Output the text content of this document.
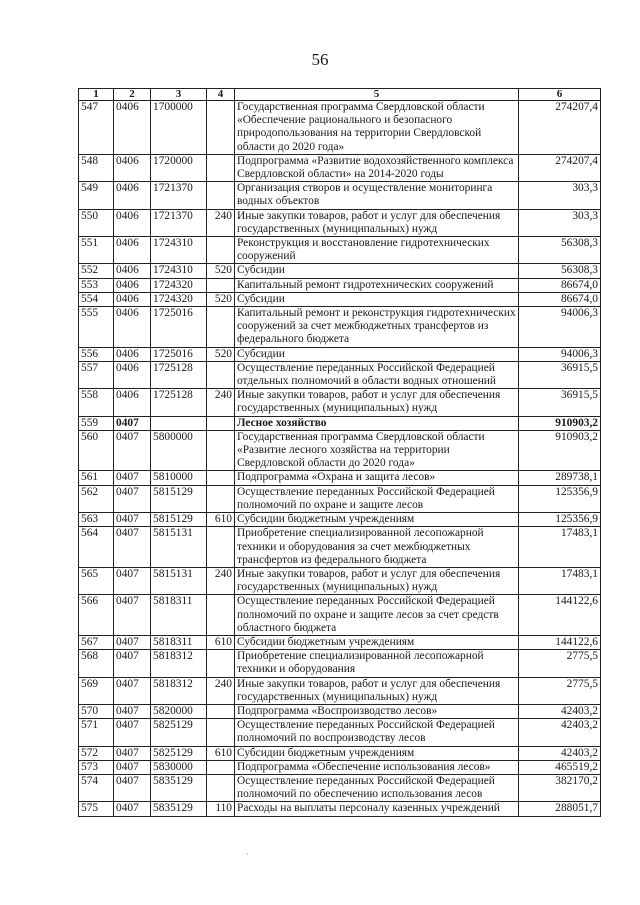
56
1	2	3	4	5	6
547	0406	1700000		Государственная программа Свердловской области «Обеспечение рационального и безопасного природопользования на территории Свердловской области до 2020 года»	274207,4
548	0406	1720000		Подпрограмма «Развитие водохозяйственного комплекса Свердловской области» на 2014-2020 годы	274207,4
549	0406	1721370		Организация створов и осуществление мониторинга водных объектов	303,3
550	0406	1721370	240	Иные закупки товаров, работ и услуг для обеспечения государственных (муниципальных) нужд	303,3
551	0406	1724310		Реконструкция и восстановление гидротехнических сооружений	56308,3
552	0406	1724310	520	Субсидии	56308,3
553	0406	1724320		Капитальный ремонт гидротехнических сооружений	86674,0
554	0406	1724320	520	Субсидии	86674,0
555	0406	1725016		Капитальный ремонт и реконструкция гидротехнических сооружений за счет межбюджетных трансфертов из федерального бюджета	94006,3
556	0406	1725016	520	Субсидии	94006,3
557	0406	1725128		Осуществление переданных Российской Федерацией отдельных полномочий в области водных отношений	36915,5
558	0406	1725128	240	Иные закупки товаров, работ и услуг для обеспечения государственных (муниципальных) нужд	36915,5
559	0407			Лесное хозяйство	910903,2
560	0407	5800000		Государственная программа Свердловской области «Развитие лесного хозяйства на территории Свердловской области до 2020 года»	910903,2
561	0407	5810000		Подпрограмма «Охрана и защита лесов»	289738,1
562	0407	5815129		Осуществление переданных Российской Федерацией полномочий по охране и защите лесов	125356,9
563	0407	5815129	610	Субсидии бюджетным учреждениям	125356,9
564	0407	5815131		Приобретение специализированной лесопожарной техники и оборудования за счет межбюджетных трансфертов из федерального бюджета	17483,1
565	0407	5815131	240	Иные закупки товаров, работ и услуг для обеспечения государственных (муниципальных) нужд	17483,1
566	0407	5818311		Осуществление переданных Российской Федерацией полномочий по охране и защите лесов за счет средств областного бюджета	144122,6
567	0407	5818311	610	Субсидии бюджетным учреждениям	144122,6
568	0407	5818312		Приобретение специализированной лесопожарной техники и оборудования	2775,5
569	0407	5818312	240	Иные закупки товаров, работ и услуг для обеспечения государственных (муниципальных) нужд	2775,5
570	0407	5820000		Подпрограмма «Воспроизводство лесов»	42403,2
571	0407	5825129		Осуществление переданных Российской Федерацией полномочий по воспроизводству лесов	42403,2
572	0407	5825129	610	Субсидии бюджетным учреждениям	42403,2
573	0407	5830000		Подпрограмма «Обеспечение использования лесов»	465519,2
574	0407	5835129		Осуществление переданных Российской Федерацией полномочий по обеспечению использования лесов	382170,2
575	0407	5835129	110	Расходы на выплаты персоналу казенных учреждений	288051,7
·
